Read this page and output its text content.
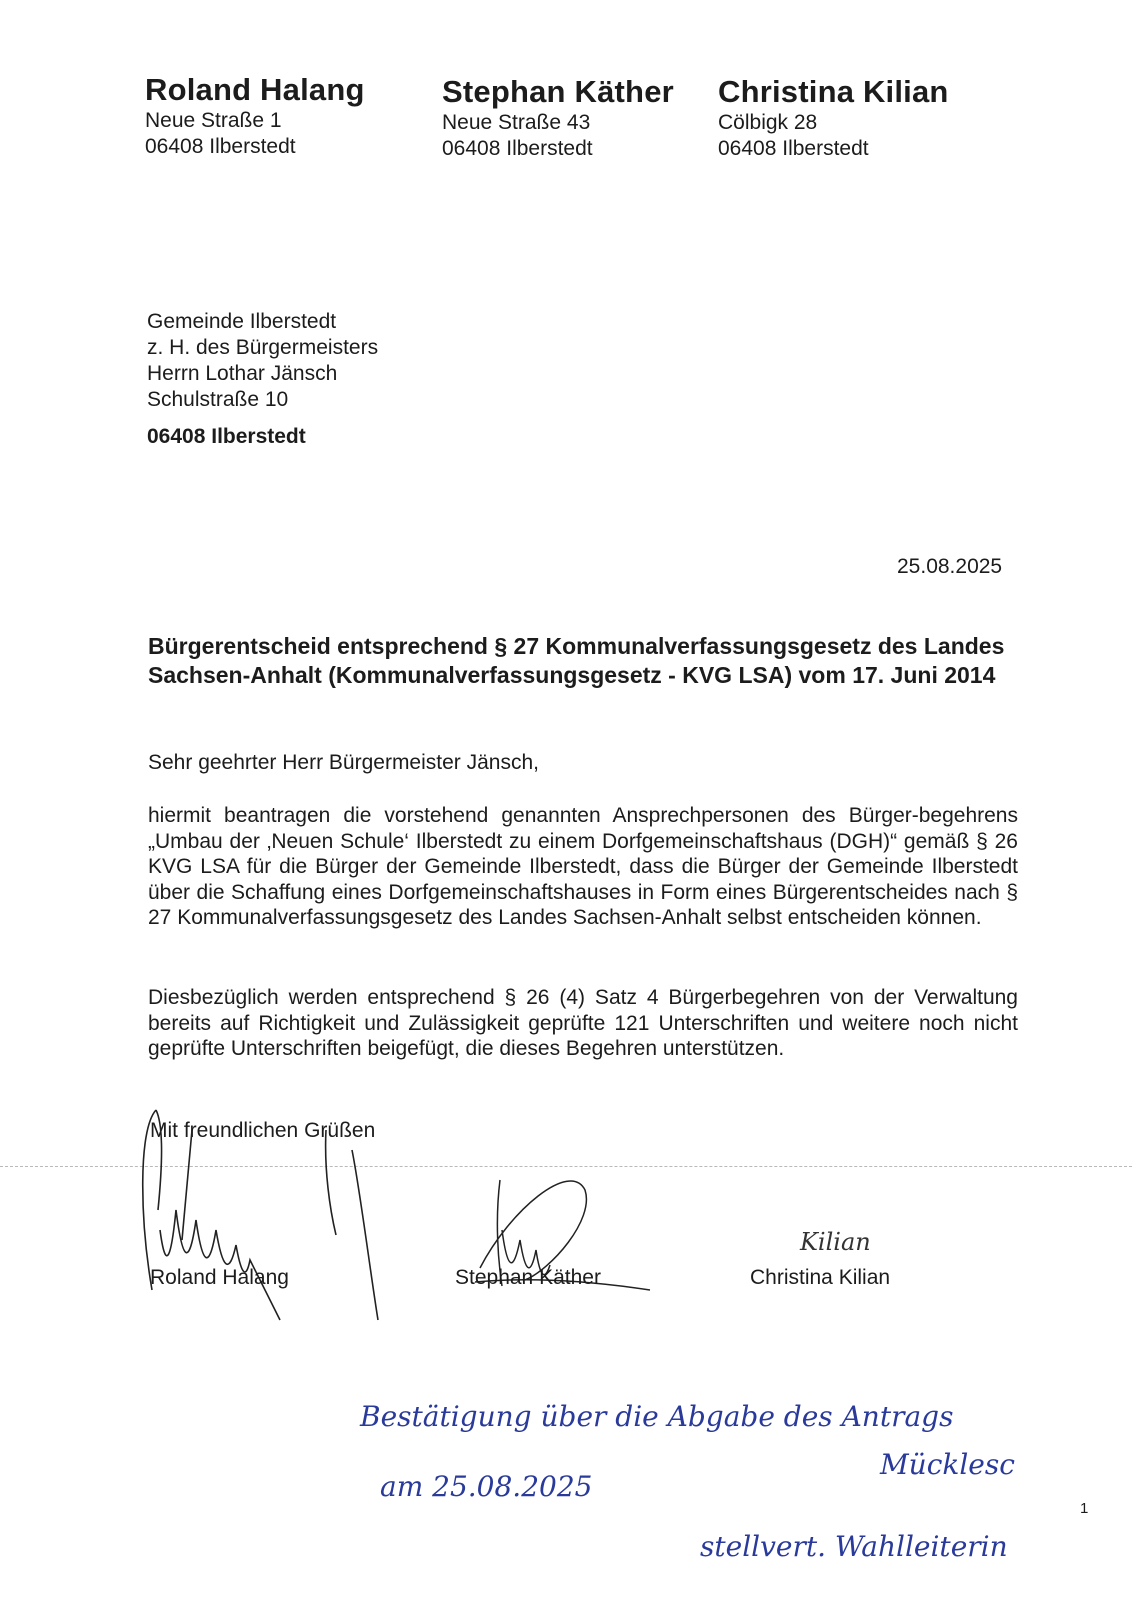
Roland Halang
Neue Straße 1
06408 Ilberstedt
Stephan Käther
Neue Straße 43
06408 Ilberstedt
Christina Kilian
Cölbigk 28
06408 Ilberstedt
Gemeinde Ilberstedt
z. H. des Bürgermeisters
Herrn Lothar Jänsch
Schulstraße 10
06408 Ilberstedt
25.08.2025
Bürgerentscheid entsprechend § 27 Kommunalverfassungsgesetz des Landes Sachsen-Anhalt (Kommunalverfassungsgesetz - KVG LSA) vom 17. Juni 2014
Sehr geehrter Herr Bürgermeister Jänsch,
hiermit beantragen die vorstehend genannten Ansprechpersonen des Bürger-begehrens „Umbau der ‚Neuen Schule‘ Ilberstedt zu einem Dorfgemeinschaftshaus (DGH)“ gemäß § 26 KVG LSA für die Bürger der Gemeinde Ilberstedt, dass die Bürger der Gemeinde Ilberstedt über die Schaffung eines Dorfgemeinschaftshauses in Form eines Bürgerentscheides nach § 27 Kommunalverfassungsgesetz des Landes Sachsen-Anhalt selbst entscheiden können.
Diesbezüglich werden entsprechend § 26 (4) Satz 4 Bürgerbegehren von der Verwaltung bereits auf Richtigkeit und Zulässigkeit geprüfte 121 Unterschriften und weitere noch nicht geprüfte Unterschriften beigefügt, die dieses Begehren unterstützen.
Mit freundlichen Grüßen
Roland Halang	Stephan Käther	Christina Kilian
Kilian
Bestätigung über die Abgabe des Antrags
am 25.08.2025
Mücklesc
stellvert. Wahlleiterin
1
